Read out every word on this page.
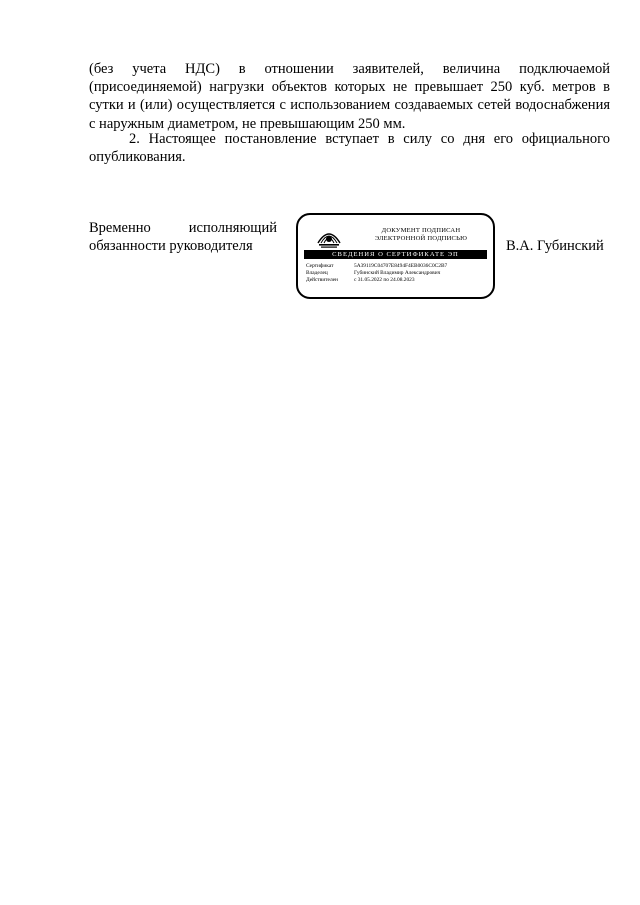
(без учета НДС) в отношении заявителей, величина подключаемой (присоединяемой) нагрузки объектов которых не превышает 250 куб. метров в сутки и (или) осуществляется с использованием создаваемых сетей водоснабжения с наружным диаметром, не превышающим 250 мм.

2. Настоящее постановление вступает в силу со дня его официального опубликования.

Временно	исполняющий
обязанности руководителя
ДОКУМЕНТ ПОДПИСАН
ЭЛЕКТРОННОЙ ПОДПИСЬЮ
СВЕДЕНИЯ О СЕРТИФИКАТЕ ЭП
Сертификат	5A39119C04707E8494F4EB0036C0C2B7
Владелец	Губинский Владимир Александрович
Действителен	с 31.05.2022 по 24.08.2023
В.А. Губинский
